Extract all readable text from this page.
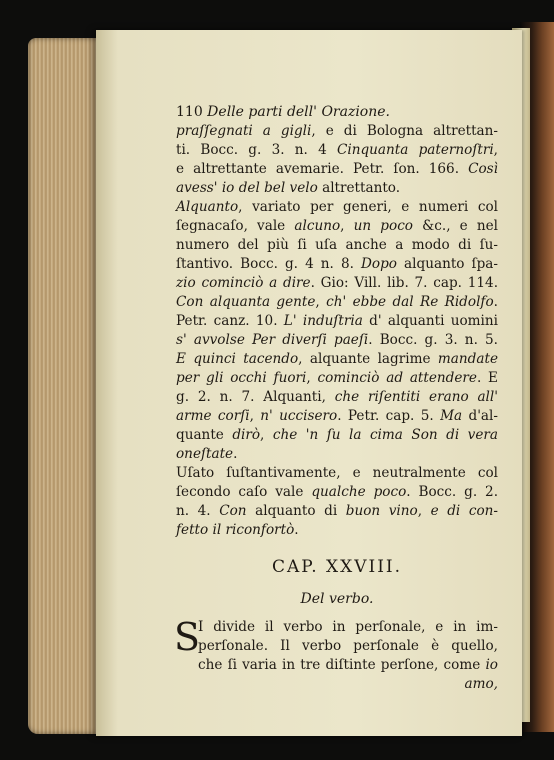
110 Delle parti dell' Orazione.
praſſegnati a gigli, e di Bologna altrettan-
ti. Bocc. g. 3. n. 4 Cinquanta paternoſtri,
e altrettante avemarie. Petr. ſon. 166. Così
avess' io del bel velo altrettanto.
Alquanto, variato per generi, e numeri col
ſegnacaſo, vale alcuno, un poco &c., e nel
numero del più ſi uſa anche a modo di ſu-
ſtantivo. Bocc. g. 4 n. 8. Dopo alquanto ſpa-
zio cominciò a dire. Gio: Vill. lib. 7. cap. 114.
Con alquanta gente, ch' ebbe dal Re Ridolfo.
Petr. canz. 10. L' induſtria d' alquanti uomini
s' avvolse Per diverſi paeſi. Bocc. g. 3. n. 5.
E quinci tacendo, alquante lagrime mandate
per gli occhi fuori, cominciò ad attendere. E
g. 2. n. 7. Alquanti, che riſentiti erano all'
arme corſi, n' uccisero. Petr. cap. 5. Ma d'al-
quante dirò, che 'n ſu la cima Son di vera
oneſtate.
Uſato ſuſtantivamente, e neutralmente col
ſecondo caſo vale qualche poco. Bocc. g. 2.
n. 4. Con alquanto di buon vino, e di con-
fetto il riconfortò.
CAP. XXVIII.
Del verbo.
S
I divide il verbo in perſonale, e in im-
perſonale. Il verbo perſonale è quello,
che ſi varia in tre diſtinte perſone, come io
amo,
